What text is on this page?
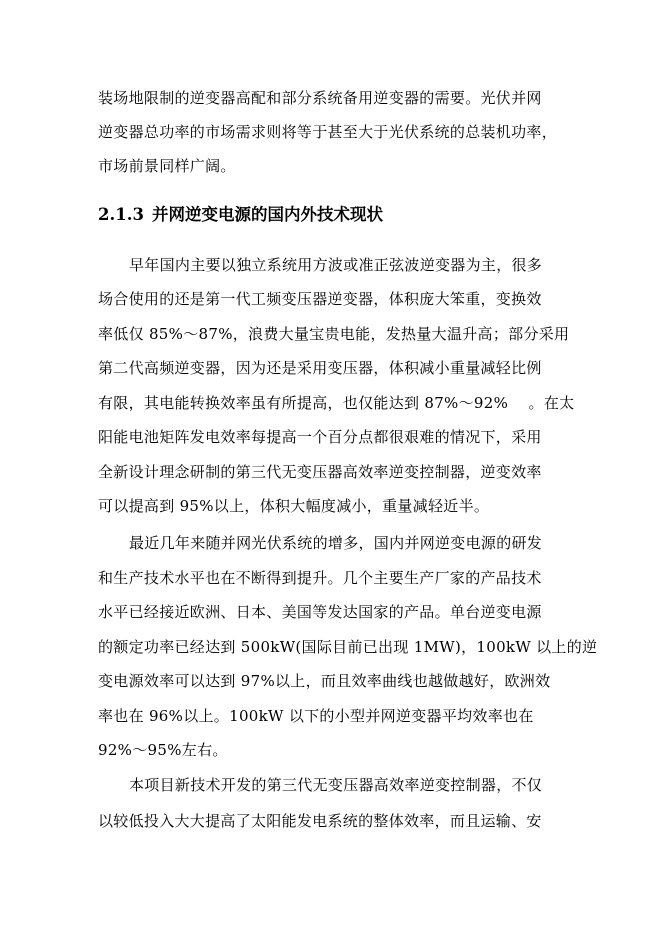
装场地限制的逆变器高配和部分系统备用逆变器的需要。光伏并网
逆变器总功率的市场需求则将等于甚至大于光伏系统的总装机功率，
市场前景同样广阔。
2.1.3 并网逆变电源的国内外技术现状
早年国内主要以独立系统用方波或准正弦波逆变器为主，很多
场合使用的还是第一代工频变压器逆变器，体积庞大笨重，变换效
率低仅 85%～87%，浪费大量宝贵电能，发热量大温升高；部分采用
第二代高频逆变器，因为还是采用变压器，体积减小重量减轻比例
有限，其电能转换效率虽有所提高，也仅能达到 87%～92%　 。在太
阳能电池矩阵发电效率每提高一个百分点都很艰难的情况下，采用
全新设计理念研制的第三代无变压器高效率逆变控制器，逆变效率
可以提高到 95%以上，体积大幅度减小，重量减轻近半。
最近几年来随并网光伏系统的增多，国内并网逆变电源的研发
和生产技术水平也在不断得到提升。几个主要生产厂家的产品技术
水平已经接近欧洲、日本、美国等发达国家的产品。单台逆变电源
的额定功率已经达到 500kW(国际目前已出现 1MW)，100kW 以上的逆
变电源效率可以达到 97%以上，而且效率曲线也越做越好，欧洲效
率也在 96%以上。100kW 以下的小型并网逆变器平均效率也在
92%～95%左右。
本项目新技术开发的第三代无变压器高效率逆变控制器，不仅
以较低投入大大提高了太阳能发电系统的整体效率，而且运输、安
